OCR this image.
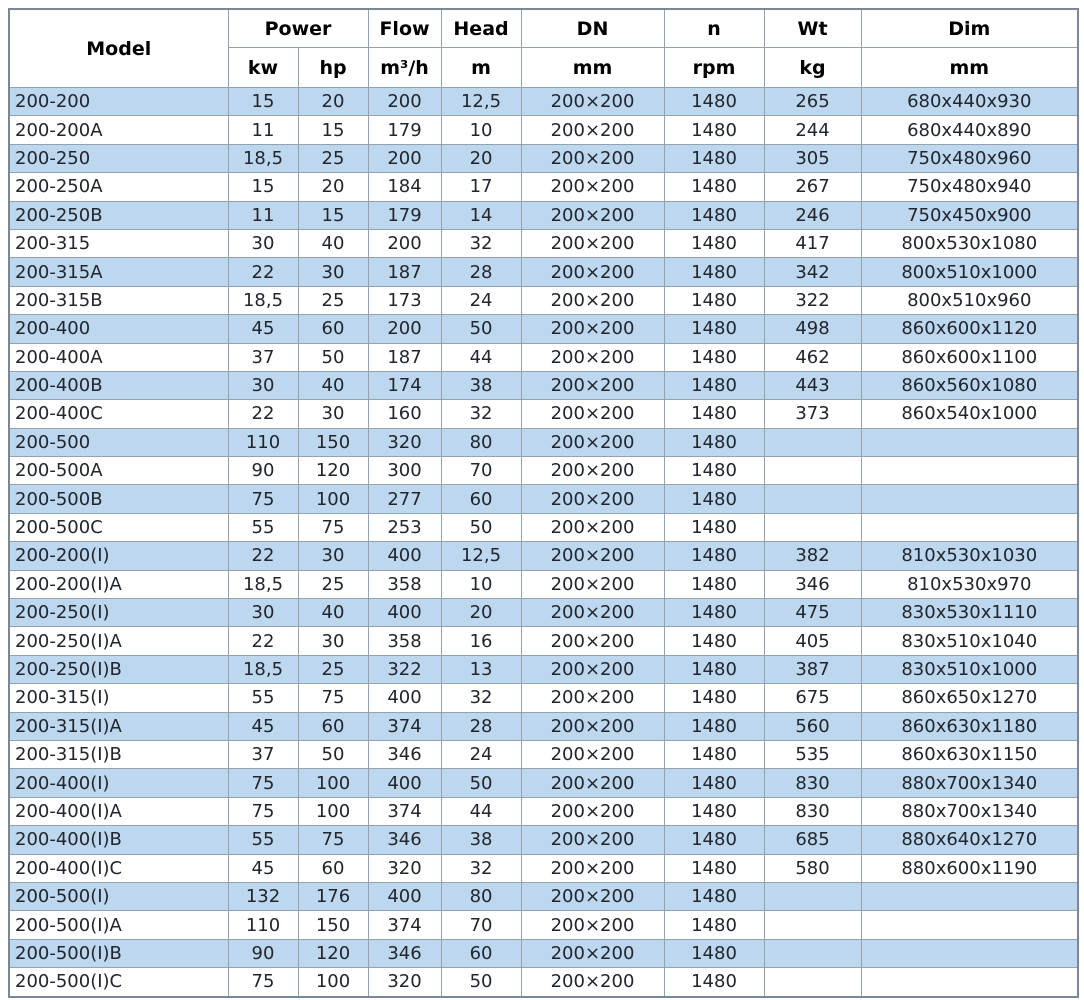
Model	Power		Flow	Head	DN	n	Wt	Dim
	kw	hp	m³/h	m	mm	rpm	kg	mm
200-200	15	20	200	12,5	200×200	1480	265	680x440x930
200-200A	11	15	179	10	200×200	1480	244	680x440x890
200-250	18,5	25	200	20	200×200	1480	305	750x480x960
200-250A	15	20	184	17	200×200	1480	267	750x480x940
200-250B	11	15	179	14	200×200	1480	246	750x450x900
200-315	30	40	200	32	200×200	1480	417	800x530x1080
200-315A	22	30	187	28	200×200	1480	342	800x510x1000
200-315B	18,5	25	173	24	200×200	1480	322	800x510x960
200-400	45	60	200	50	200×200	1480	498	860x600x1120
200-400A	37	50	187	44	200×200	1480	462	860x600x1100
200-400B	30	40	174	38	200×200	1480	443	860x560x1080
200-400C	22	30	160	32	200×200	1480	373	860x540x1000
200-500	110	150	320	80	200×200	1480		
200-500A	90	120	300	70	200×200	1480		
200-500B	75	100	277	60	200×200	1480		
200-500C	55	75	253	50	200×200	1480		
200-200(I)	22	30	400	12,5	200×200	1480	382	810x530x1030
200-200(I)A	18,5	25	358	10	200×200	1480	346	810x530x970
200-250(I)	30	40	400	20	200×200	1480	475	830x530x1110
200-250(I)A	22	30	358	16	200×200	1480	405	830x510x1040
200-250(I)B	18,5	25	322	13	200×200	1480	387	830x510x1000
200-315(I)	55	75	400	32	200×200	1480	675	860x650x1270
200-315(I)A	45	60	374	28	200×200	1480	560	860x630x1180
200-315(I)B	37	50	346	24	200×200	1480	535	860x630x1150
200-400(I)	75	100	400	50	200×200	1480	830	880x700x1340
200-400(I)A	75	100	374	44	200×200	1480	830	880x700x1340
200-400(I)B	55	75	346	38	200×200	1480	685	880x640x1270
200-400(I)C	45	60	320	32	200×200	1480	580	880x600x1190
200-500(I)	132	176	400	80	200×200	1480		
200-500(I)A	110	150	374	70	200×200	1480		
200-500(I)B	90	120	346	60	200×200	1480		
200-500(I)C	75	100	320	50	200×200	1480		
